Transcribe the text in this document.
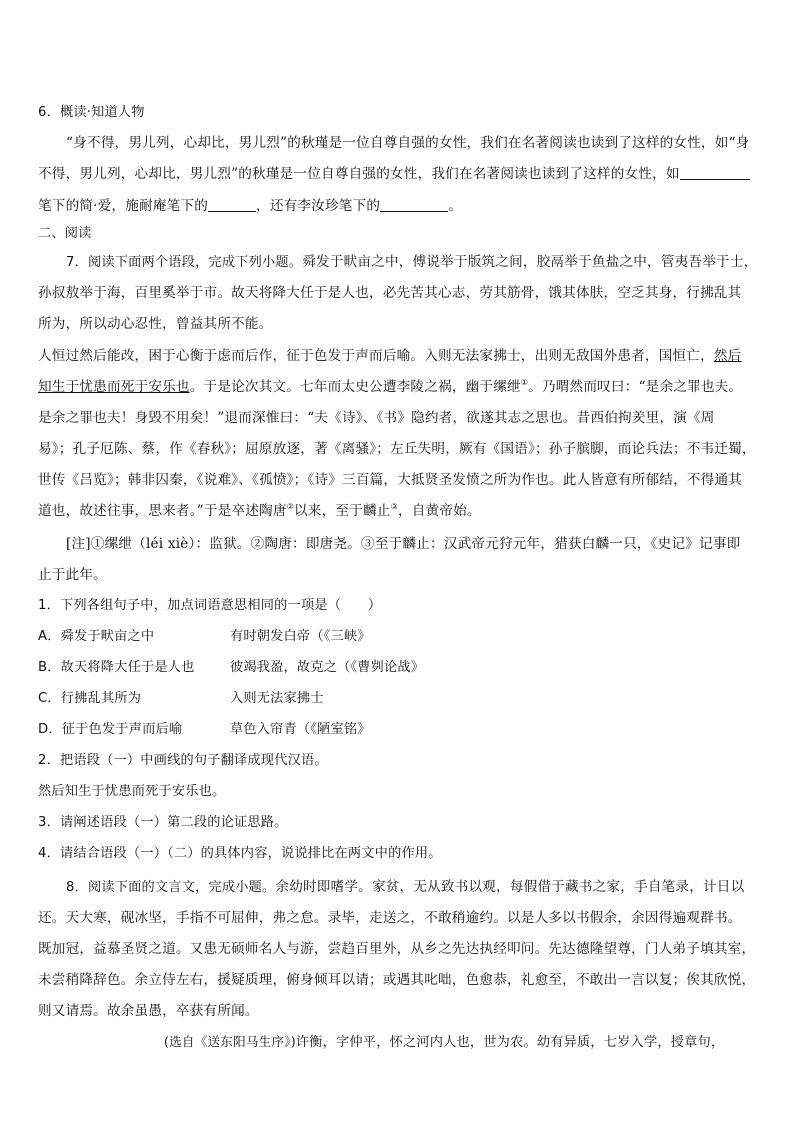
6．概读·知道人物
“身不得，男儿列，心却比，男儿烈”的秋瑾是一位自尊自强的女性，我们在名著阅读也读到了这样的女性，如“身
不得，男儿列，心却比，男儿烈”的秋瑾是一位自尊自强的女性，我们在名著阅读也读到了这样的女性，如
笔下的简·爱，施耐庵笔下的	，还有李汝珍笔下的	。
二、阅读
7．阅读下面两个语段，完成下列小题。舜发于畎亩之中，傅说举于版筑之间，胶鬲举于鱼盐之中，管夷吾举于士，
孙叔敖举于海，百里奚举于市。故天将降大任于是人也，必先苦其心志，劳其筋骨，饿其体肤，空乏其身，行拂乱其
所为，所以动心忍性，曾益其所不能。
人恒过然后能改，困于心衡于虑而后作，征于色发于声而后喻。入则无法家拂士，出则无敌国外患者，国恒亡，然后
知生于忧患而死于安乐也。于是论次其文。七年而太史公遭李陵之祸，幽于缧绁①。乃喟然而叹曰：“是余之罪也夫。
是余之罪也夫！身毁不用矣！”退而深惟曰：“夫《诗》、《书》隐约者，欲遂其志之思也。昔西伯拘羑里，演《周
易》；孔子厄陈、蔡，作《春秋》；屈原放逐，著《离骚》；左丘失明，厥有《国语》；孙子膑脚，而论兵法；不韦迁蜀，
世传《吕览》；韩非囚秦，《说难》、《孤愤》；《诗》三百篇，大抵贤圣发愤之所为作也。此人皆意有所郁结，不得通其
道也，故述往事，思来者。”于是卒述陶唐②以来，至于麟止③，自黄帝始。
[注]①缧绁（léi xiè）：监狱。②陶唐：即唐尧。③至于麟止：汉武帝元狩元年，猎获白麟一只，《史记》记事即
止于此年。
1．下列各组句子中，加点词语意思相同的一项是（　　）
A．舜发于畎亩之中	有时朝发白帝（《三峡》
B．故天将降大任于是人也	彼竭我盈，故克之（《曹刿论战》
C．行拂乱其所为	入则无法家拂士
D．征于色发于声而后喻	草色入帘青（《陋室铭》
2．把语段（一）中画线的句子翻译成现代汉语。
然后知生于忧患而死于安乐也。
3．请阐述语段（一）第二段的论证思路。
4．请结合语段（一）（二）的具体内容，说说排比在两文中的作用。
8．阅读下面的文言文，完成小题。余幼时即嗜学。家贫，无从致书以观，每假借于藏书之家，手自笔录，计日以
还。天大寒，砚冰坚，手指不可屈伸，弗之怠。录毕，走送之，不敢稍逾约。以是人多以书假余，余因得遍观群书。
既加冠，益慕圣贤之道。又患无硕师名人与游，尝趋百里外，从乡之先达执经叩问。先达德隆望尊，门人弟子填其室，
未尝稍降辞色。余立侍左右，援疑质理，俯身倾耳以请；或遇其叱咄，色愈恭，礼愈至，不敢出一言以复；俟其欣悦，
则又请焉。故余虽愚，卒获有所闻。
(选自《送东阳马生序》)许衡，字仲平，怀之河内人也，世为农。幼有异质，七岁入学，授章句，
